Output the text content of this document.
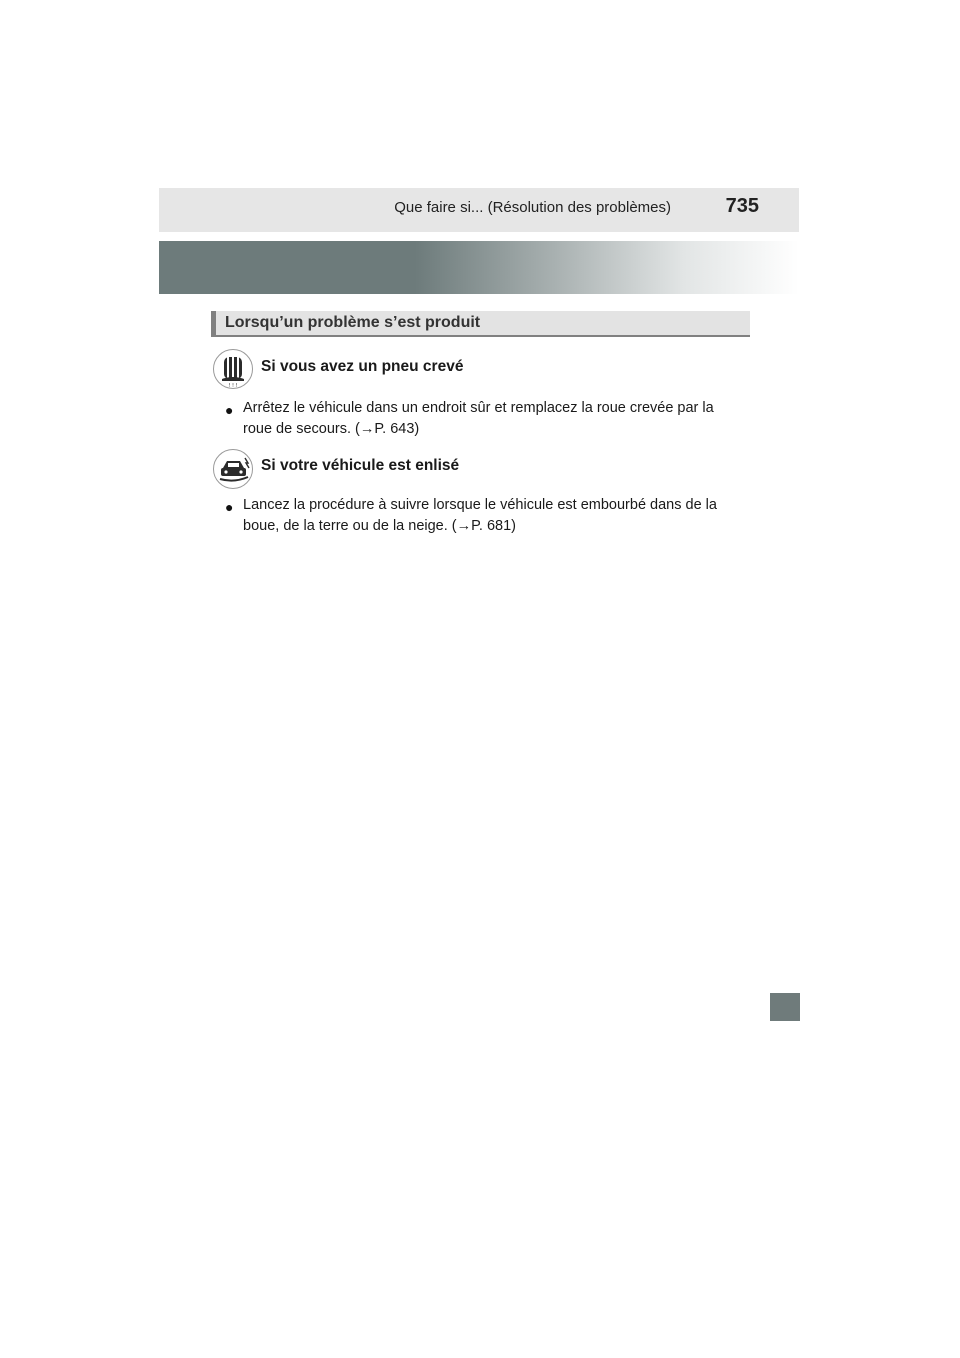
Que faire si... (Résolution des problèmes)	735
Lorsqu’un problème s’est produit
! ! !
Si vous avez un pneu crevé
● Arrêtez le véhicule dans un endroit sûr et remplacez la roue crevée par la
roue de secours. (→P. 643)
Si votre véhicule est enlisé
● Lancez la procédure à suivre lorsque le véhicule est embourbé dans de la
boue, de la terre ou de la neige. (→P. 681)
